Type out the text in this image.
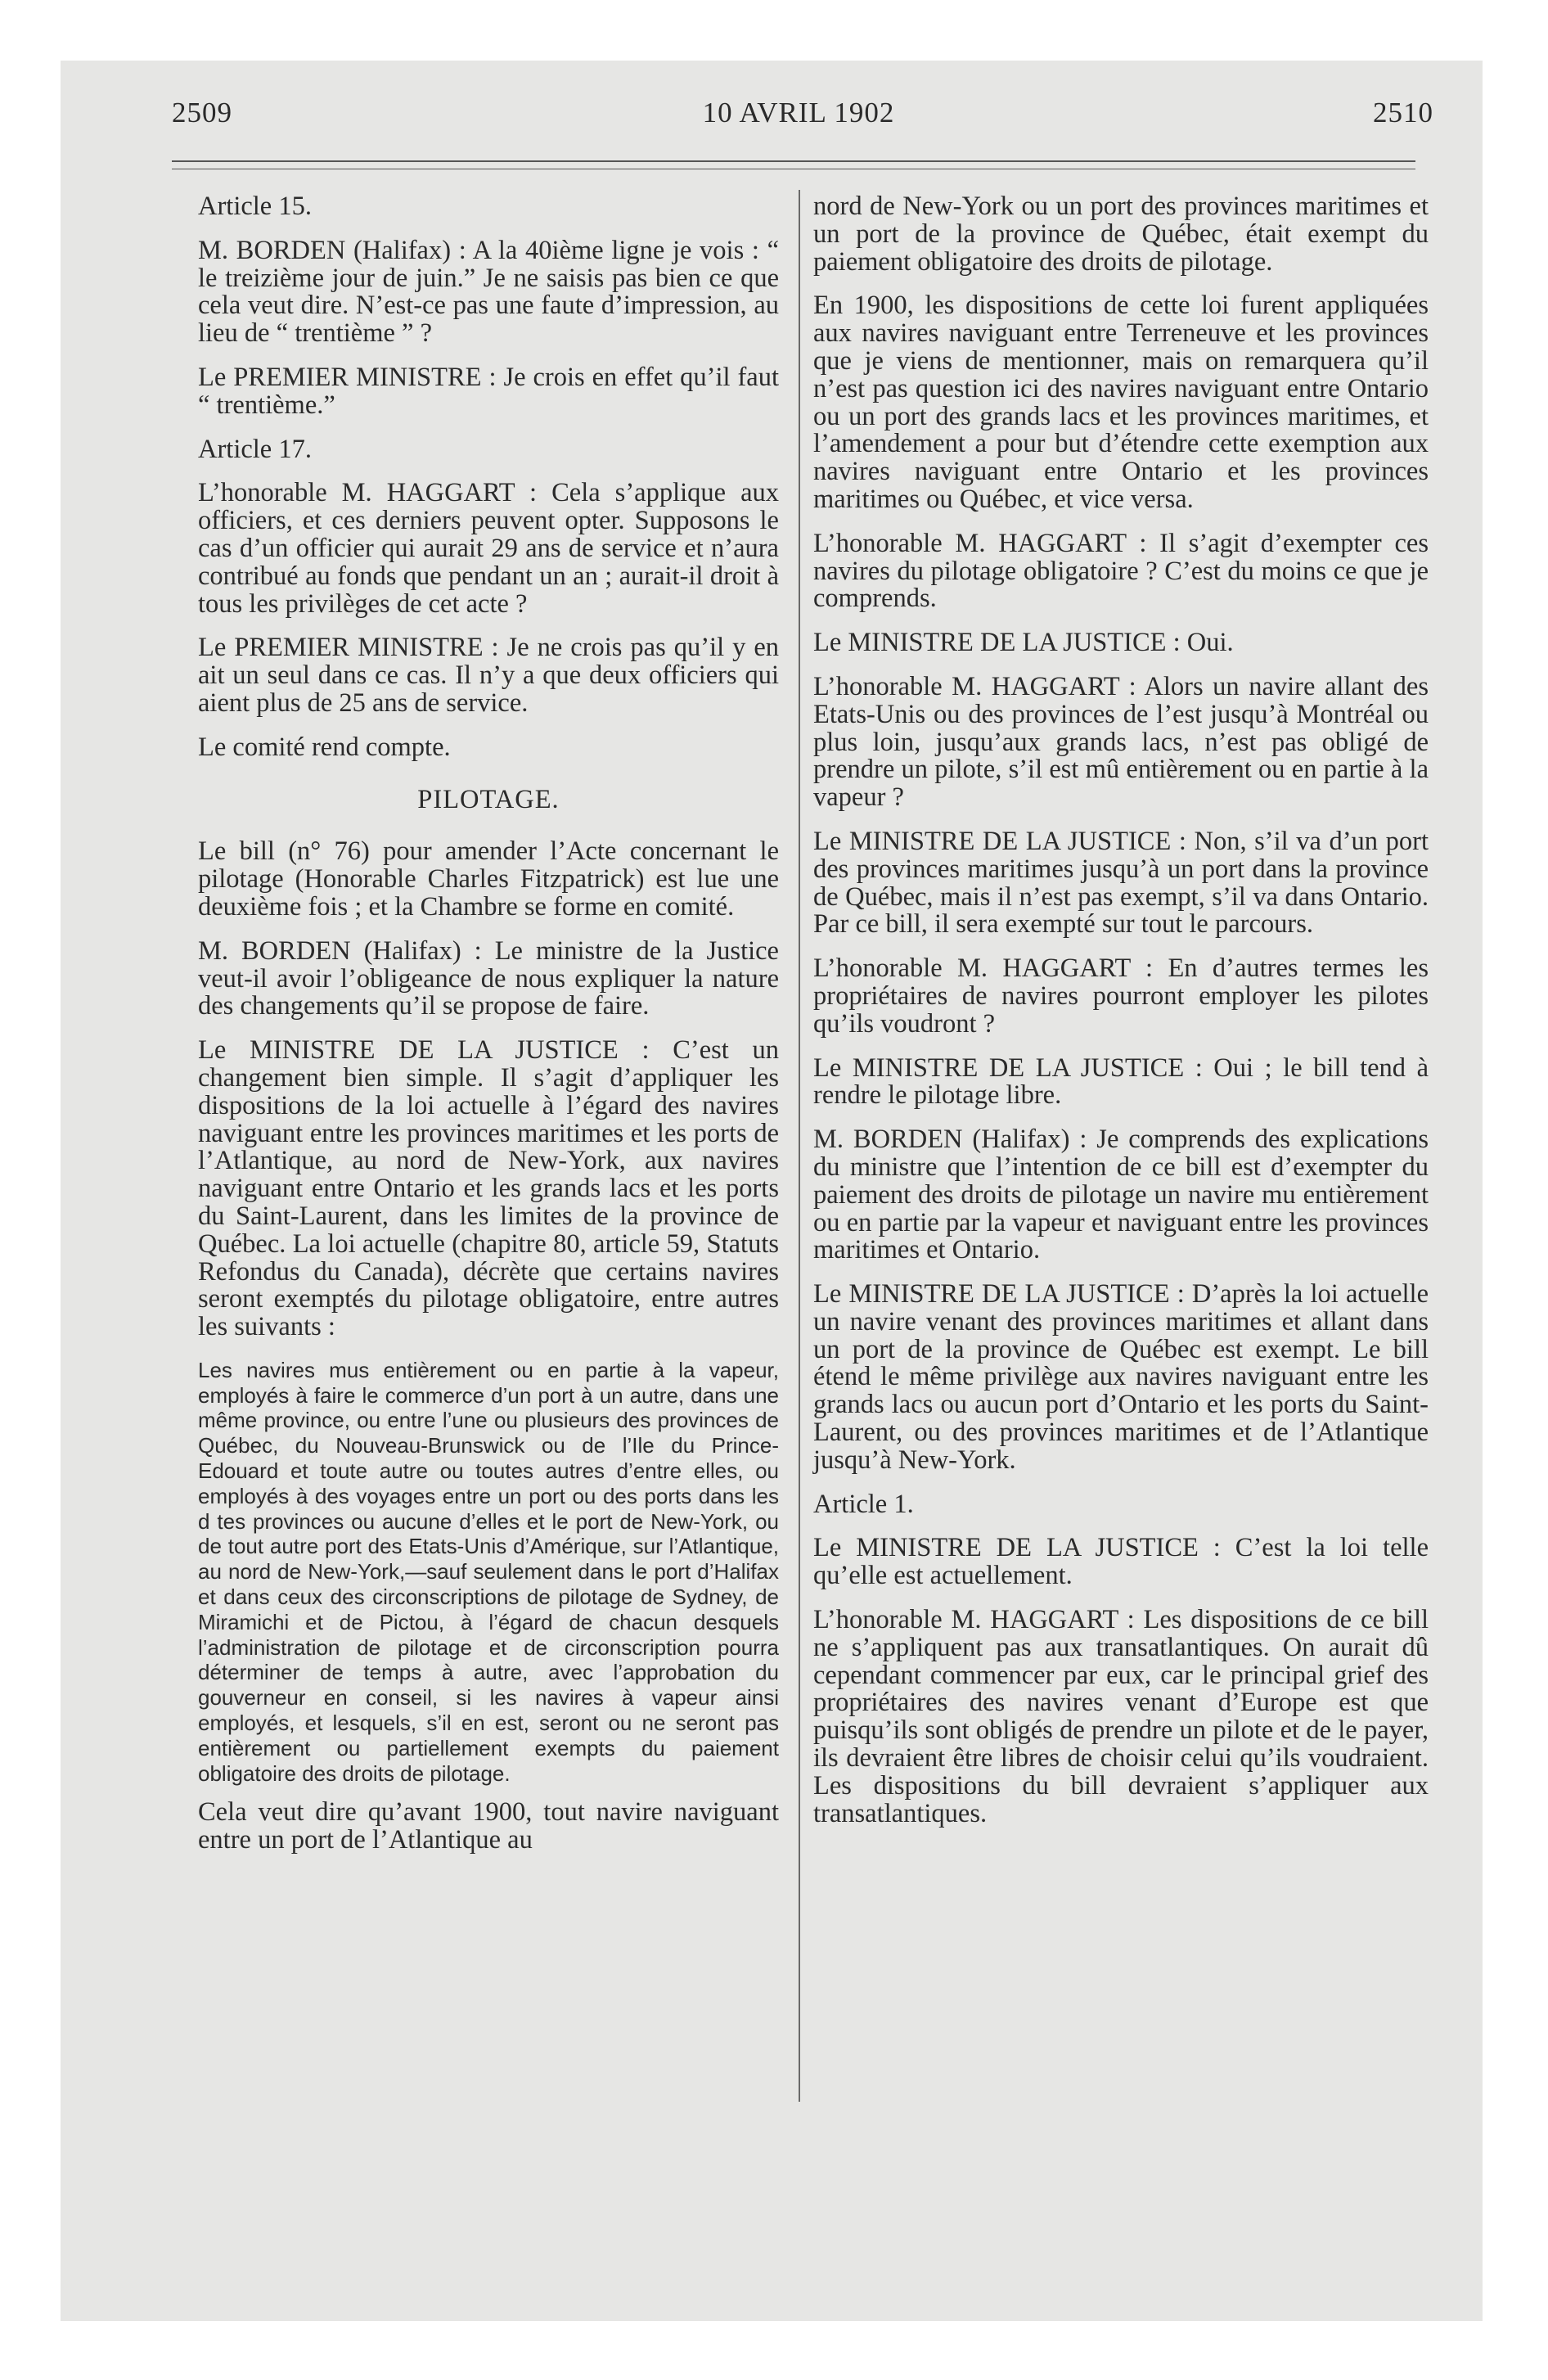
2509	10 AVRIL 1902	2510

Article 15.

M. BORDEN (Halifax) : A la 40ième ligne je vois : “ le treizième jour de juin.” Je ne saisis pas bien ce que cela veut dire. N’est-ce pas une faute d’impression, au lieu de “ trentième ” ?

Le PREMIER MINISTRE : Je crois en effet qu’il faut “ trentième.”

Article 17.

L’honorable M. HAGGART : Cela s’applique aux officiers, et ces derniers peuvent opter. Supposons le cas d’un officier qui aurait 29 ans de service et n’aura contribué au fonds que pendant un an ; aurait-il droit à tous les privilèges de cet acte ?

Le PREMIER MINISTRE : Je ne crois pas qu’il y en ait un seul dans ce cas. Il n’y a que deux officiers qui aient plus de 25 ans de service.

Le comité rend compte.

PILOTAGE.

Le bill (n° 76) pour amender l’Acte concernant le pilotage (Honorable Charles Fitzpatrick) est lue une deuxième fois ; et la Chambre se forme en comité.

M. BORDEN (Halifax) : Le ministre de la Justice veut-il avoir l’obligeance de nous expliquer la nature des changements qu’il se propose de faire.

Le MINISTRE DE LA JUSTICE : C’est un changement bien simple. Il s’agit d’appliquer les dispositions de la loi actuelle à l’égard des navires naviguant entre les provinces maritimes et les ports de l’Atlantique, au nord de New-York, aux navires naviguant entre Ontario et les grands lacs et les ports du Saint-Laurent, dans les limites de la province de Québec. La loi actuelle (chapitre 80, article 59, Statuts Refondus du Canada), décrète que certains navires seront exemptés du pilotage obligatoire, entre autres les suivants :

Les navires mus entièrement ou en partie à la vapeur, employés à faire le commerce d’un port à un autre, dans une même province, ou entre l’une ou plusieurs des provinces de Québec, du Nouveau-Brunswick ou de l’Ile du Prince-Edouard et toute autre ou toutes autres d’entre elles, ou employés à des voyages entre un port ou des ports dans les d tes provinces ou aucune d’elles et le port de New-York, ou de tout autre port des Etats-Unis d’Amérique, sur l’Atlantique, au nord de New-York,—sauf seulement dans le port d’Halifax et dans ceux des circonscriptions de pilotage de Sydney, de Miramichi et de Pictou, à l’égard de chacun desquels l’administration de pilotage et de circonscription pourra déterminer de temps à autre, avec l’approbation du gouverneur en conseil, si les navires à vapeur ainsi employés, et lesquels, s’il en est, seront ou ne seront pas entièrement ou partiellement exempts du paiement obligatoire des droits de pilotage.

Cela veut dire qu’avant 1900, tout navire naviguant entre un port de l’Atlantique au

nord de New-York ou un port des provinces maritimes et un port de la province de Québec, était exempt du paiement obligatoire des droits de pilotage.

En 1900, les dispositions de cette loi furent appliquées aux navires naviguant entre Terreneuve et les provinces que je viens de mentionner, mais on remarquera qu’il n’est pas question ici des navires naviguant entre Ontario ou un port des grands lacs et les provinces maritimes, et l’amendement a pour but d’étendre cette exemption aux navires naviguant entre Ontario et les provinces maritimes ou Québec, et vice versa.

L’honorable M. HAGGART : Il s’agit d’exempter ces navires du pilotage obligatoire ? C’est du moins ce que je comprends.

Le MINISTRE DE LA JUSTICE : Oui.

L’honorable M. HAGGART : Alors un navire allant des Etats-Unis ou des provinces de l’est jusqu’à Montréal ou plus loin, jusqu’aux grands lacs, n’est pas obligé de prendre un pilote, s’il est mû entièrement ou en partie à la vapeur ?

Le MINISTRE DE LA JUSTICE : Non, s’il va d’un port des provinces maritimes jusqu’à un port dans la province de Québec, mais il n’est pas exempt, s’il va dans Ontario. Par ce bill, il sera exempté sur tout le parcours.

L’honorable M. HAGGART : En d’autres termes les propriétaires de navires pourront employer les pilotes qu’ils voudront ?

Le MINISTRE DE LA JUSTICE : Oui ; le bill tend à rendre le pilotage libre.

M. BORDEN (Halifax) : Je comprends des explications du ministre que l’intention de ce bill est d’exempter du paiement des droits de pilotage un navire mu entièrement ou en partie par la vapeur et naviguant entre les provinces maritimes et Ontario.

Le MINISTRE DE LA JUSTICE : D’après la loi actuelle un navire venant des provinces maritimes et allant dans un port de la province de Québec est exempt. Le bill étend le même privilège aux navires naviguant entre les grands lacs ou aucun port d’Ontario et les ports du Saint-Laurent, ou des provinces maritimes et de l’Atlantique jusqu’à New-York.

Article 1.

Le MINISTRE DE LA JUSTICE : C’est la loi telle qu’elle est actuellement.

L’honorable M. HAGGART : Les dispositions de ce bill ne s’appliquent pas aux transatlantiques. On aurait dû cependant commencer par eux, car le principal grief des propriétaires des navires venant d’Europe est que puisqu’ils sont obligés de prendre un pilote et de le payer, ils devraient être libres de choisir celui qu’ils voudraient. Les dispositions du bill devraient s’appliquer aux transatlantiques.
